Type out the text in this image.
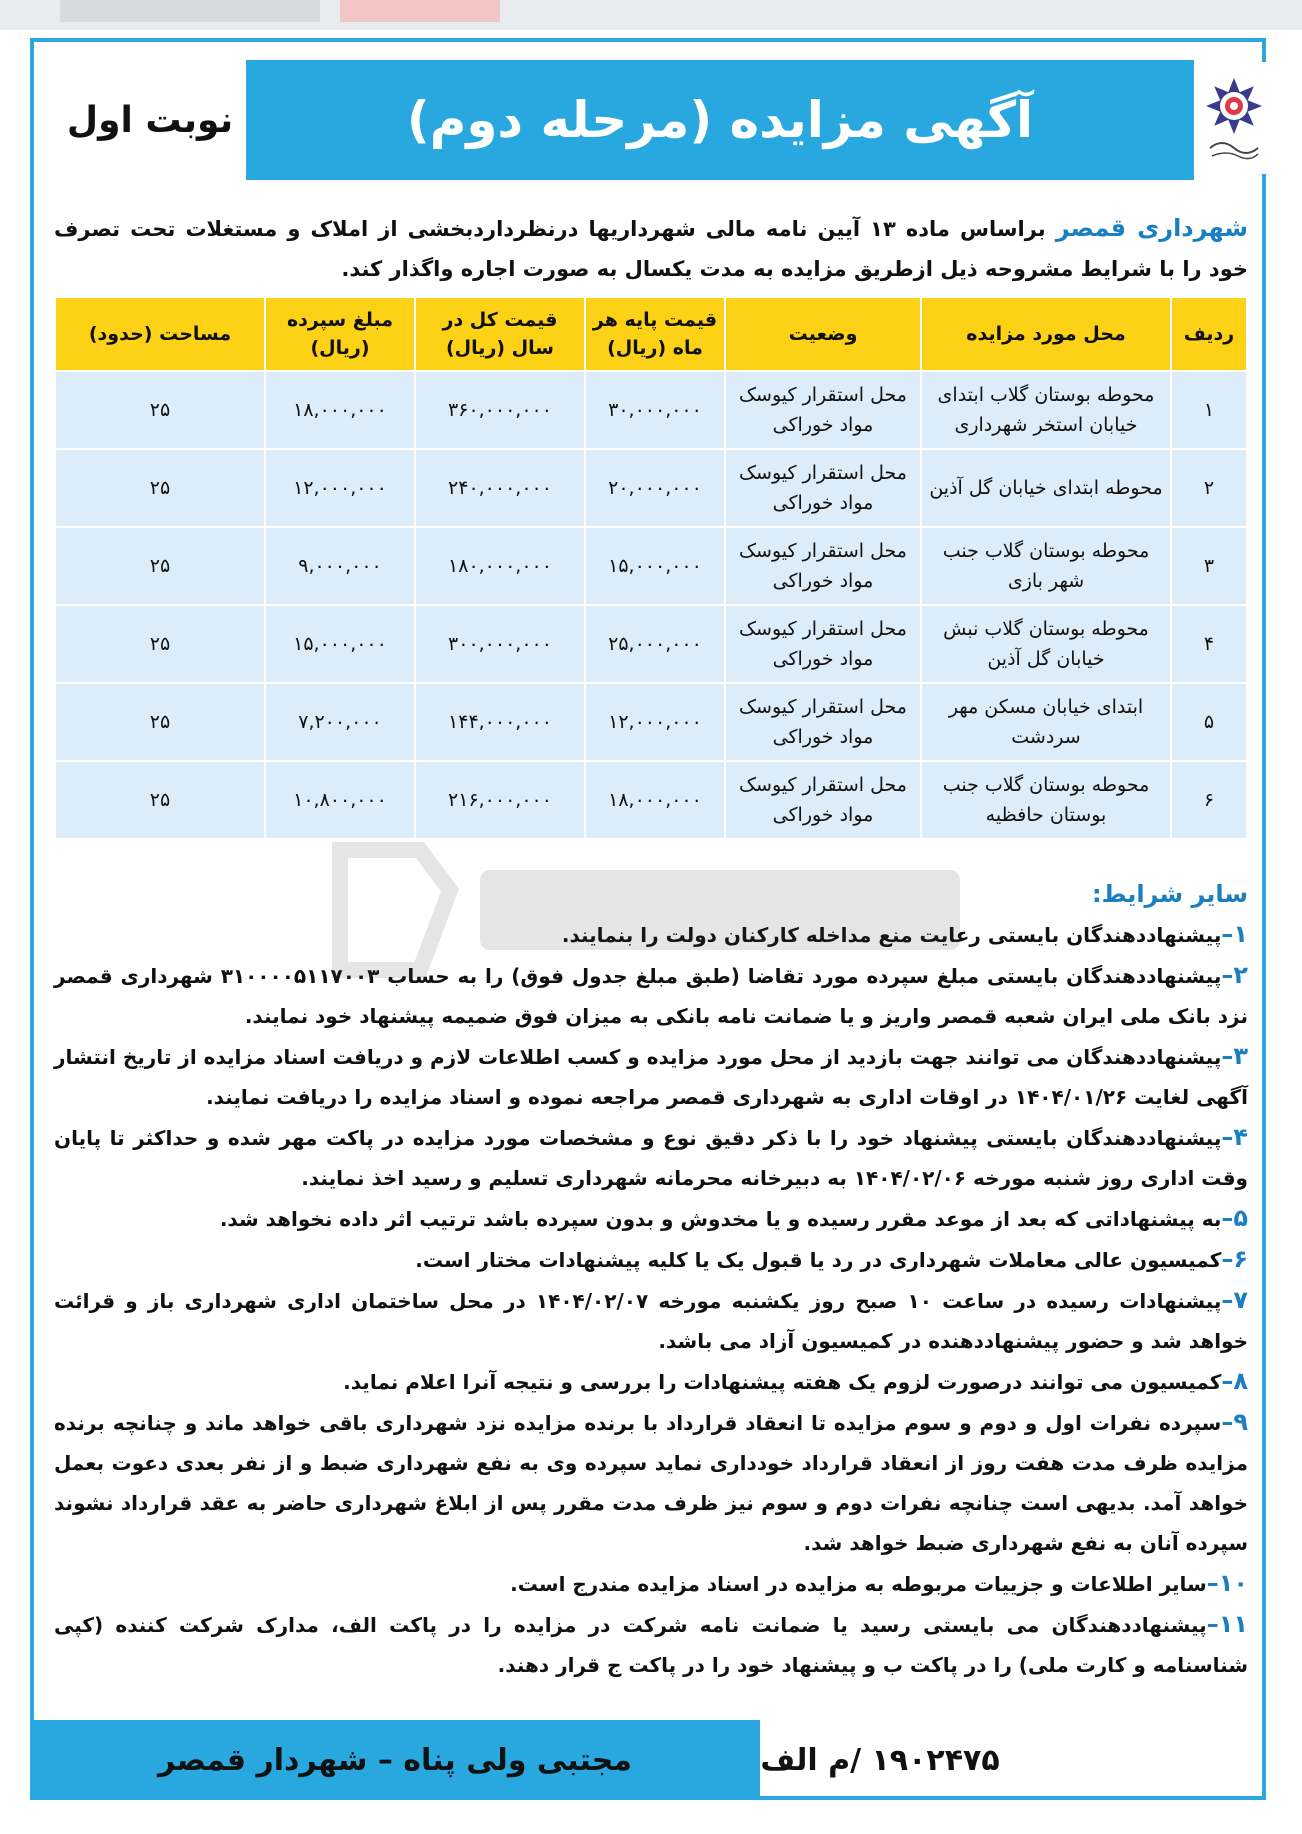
آگهی مزایده (مرحله دوم)
نوبت اول
شهرداری قمصر براساس ماده ۱۳ آیین نامه مالی شهرداریها درنظرداردبخشی از املاک و مستغلات تحت تصرف خود را با شرایط مشروحه ذیل ازطریق مزایده به مدت یکسال به صورت اجاره واگذار کند.
ردیف	محل مورد مزایده	وضعیت	قیمت پایه هر ماه (ریال)	قیمت کل در سال (ریال)	مبلغ سپرده (ریال)	مساحت (حدود)
۱	محوطه بوستان گلاب ابتدای خیابان استخر شهرداری	محل استقرار کیوسک مواد خوراکی	۳۰,۰۰۰,۰۰۰	۳۶۰,۰۰۰,۰۰۰	۱۸,۰۰۰,۰۰۰	۲۵
۲	محوطه ابتدای خیابان گل آذین	محل استقرار کیوسک مواد خوراکی	۲۰,۰۰۰,۰۰۰	۲۴۰,۰۰۰,۰۰۰	۱۲,۰۰۰,۰۰۰	۲۵
۳	محوطه بوستان گلاب جنب شهر بازی	محل استقرار کیوسک مواد خوراکی	۱۵,۰۰۰,۰۰۰	۱۸۰,۰۰۰,۰۰۰	۹,۰۰۰,۰۰۰	۲۵
۴	محوطه بوستان گلاب نبش خیابان گل آذین	محل استقرار کیوسک مواد خوراکی	۲۵,۰۰۰,۰۰۰	۳۰۰,۰۰۰,۰۰۰	۱۵,۰۰۰,۰۰۰	۲۵
۵	ابتدای خیابان مسکن مهر سردشت	محل استقرار کیوسک مواد خوراکی	۱۲,۰۰۰,۰۰۰	۱۴۴,۰۰۰,۰۰۰	۷,۲۰۰,۰۰۰	۲۵
۶	محوطه بوستان گلاب جنب بوستان حافظیه	محل استقرار کیوسک مواد خوراکی	۱۸,۰۰۰,۰۰۰	۲۱۶,۰۰۰,۰۰۰	۱۰,۸۰۰,۰۰۰	۲۵
سایر شرایط:

۱–پیشنهاددهندگان بایستی رعایت منع مداخله کارکنان دولت را بنمایند.

۲–پیشنهاددهندگان بایستی مبلغ سپرده مورد تقاضا (طبق مبلغ جدول فوق) را به حساب ۳۱۰۰۰۰۵۱۱۷۰۰۳ شهرداری قمصر نزد بانک ملی ایران شعبه قمصر واریز و یا ضمانت نامه بانکی به میزان فوق ضمیمه پیشنهاد خود نمایند.

۳–پیشنهاددهندگان می توانند جهت بازدید از محل مورد مزایده و کسب اطلاعات لازم و دریافت اسناد مزایده از تاریخ انتشار آگهی لغایت ۱۴۰۴/۰۱/۲۶ در اوقات اداری به شهرداری قمصر مراجعه نموده و اسناد مزایده را دریافت نمایند.

۴–پیشنهاددهندگان بایستی پیشنهاد خود را با ذکر دقیق نوع و مشخصات مورد مزایده در پاکت مهر شده و حداکثر تا پایان وقت اداری روز شنبه مورخه ۱۴۰۴/۰۲/۰۶ به دبیرخانه محرمانه شهرداری تسلیم و رسید اخذ نمایند.

۵–به پیشنهاداتی که بعد از موعد مقرر رسیده و یا مخدوش و بدون سپرده باشد ترتیب اثر داده نخواهد شد.

۶–کمیسیون عالی معاملات شهرداری در رد یا قبول یک یا کلیه پیشنهادات مختار است.

۷–پیشنهادات رسیده در ساعت ۱۰ صبح روز یکشنبه مورخه ۱۴۰۴/۰۲/۰۷ در محل ساختمان اداری شهرداری باز و قرائت خواهد شد و حضور پیشنهاددهنده در کمیسیون آزاد می باشد.

۸–کمیسیون می توانند درصورت لزوم یک هفته پیشنهادات را بررسی و نتیجه آنرا اعلام نماید.

۹–سپرده نفرات اول و دوم و سوم مزایده تا انعقاد قرارداد با برنده مزایده نزد شهرداری باقی خواهد ماند و چنانچه برنده مزایده ظرف مدت هفت روز از انعقاد قرارداد خودداری نماید سپرده وی به نفع شهرداری ضبط و از نفر بعدی دعوت بعمل خواهد آمد. بدیهی است چنانچه نفرات دوم و سوم نیز ظرف مدت مقرر پس از ابلاغ شهرداری حاضر به عقد قرارداد نشوند سپرده آنان به نفع شهرداری ضبط خواهد شد.

۱۰–سایر اطلاعات و جزییات مربوطه به مزایده در اسناد مزایده مندرج است.

۱۱–پیشنهاددهندگان می بایستی رسید یا ضمانت نامه شرکت در مزایده را در پاکت الف، مدارک شرکت کننده (کپی شناسنامه و کارت ملی) را در پاکت ب و پیشنهاد خود را در پاکت ج قرار دهند.

مجتبی ولی پناه – شهردار قمصر	۱۹۰۲۴۷۵ /م الف
